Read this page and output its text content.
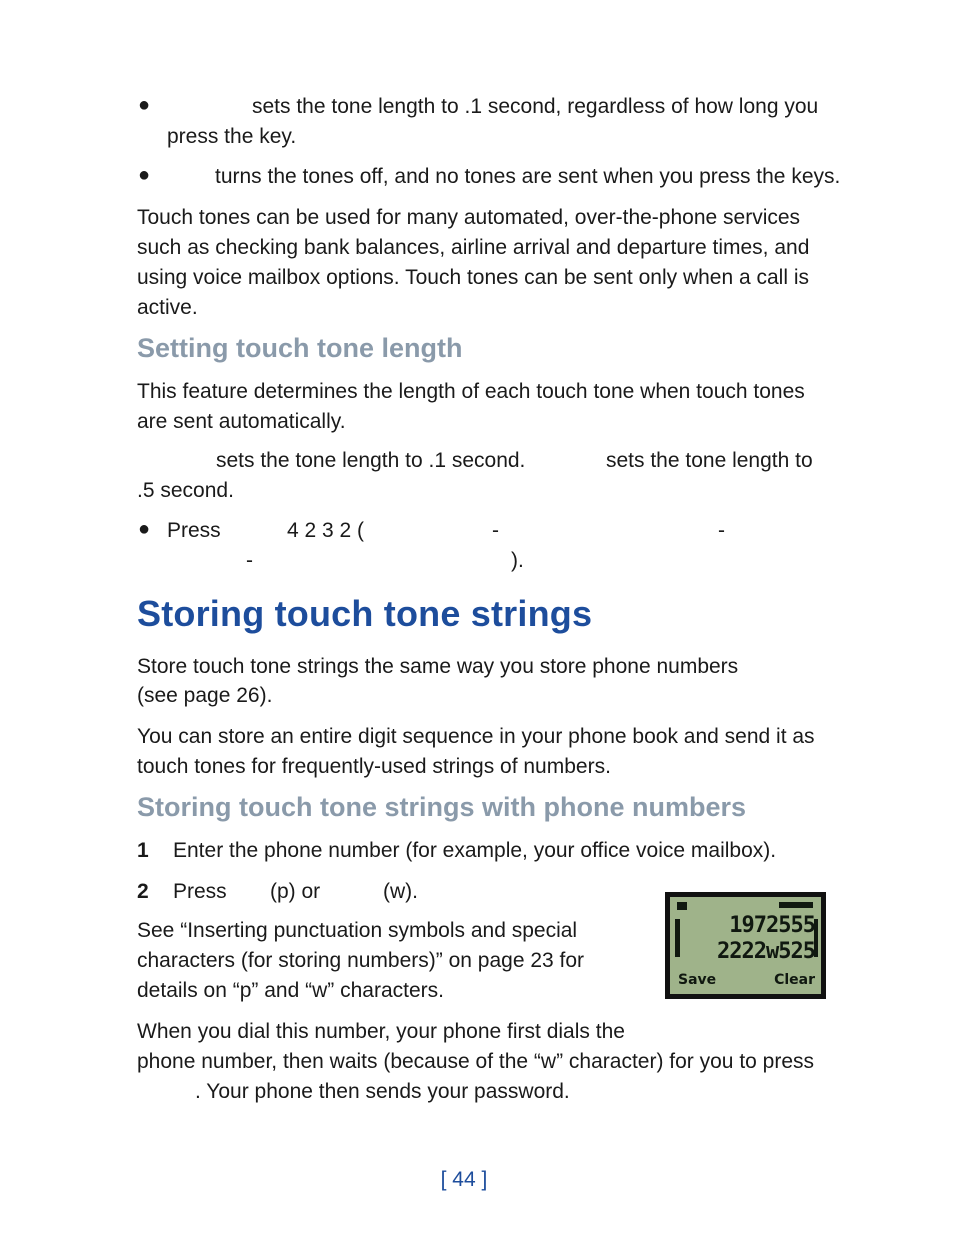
●	sets the tone length to .1 second, regardless of how long you

press the key.

●	turns the tones off, and no tones are sent when you press the keys.

Touch tones can be used for many automated, over-the-phone services

such as checking bank balances, airline arrival and departure times, and

using voice mailbox options. Touch tones can be sent only when a call is

active.

Setting touch tone length

This feature determines the length of each touch tone when touch tones

are sent automatically.

sets the tone length to .1 second.	sets the tone length to

.5 second.

● Press	4 2 3 2 (	-	-

-	).

Storing touch tone strings

Store touch tone strings the same way you store phone numbers

(see page 26).

You can store an entire digit sequence in your phone book and send it as

touch tones for frequently-used strings of numbers.

Storing touch tone strings with phone numbers
1 Enter the phone number (for example, your office voice mailbox).

2 Press (p) or	(w).

See “Inserting punctuation symbols and special

characters (for storing numbers)” on page 23 for

details on “p” and “w” characters.

When you dial this number, your phone first dials the

phone number, then waits (because of the “w” character) for you to press

. Your phone then sends your password.

1972555
2222w525
Save	Clear
[ 44 ]
